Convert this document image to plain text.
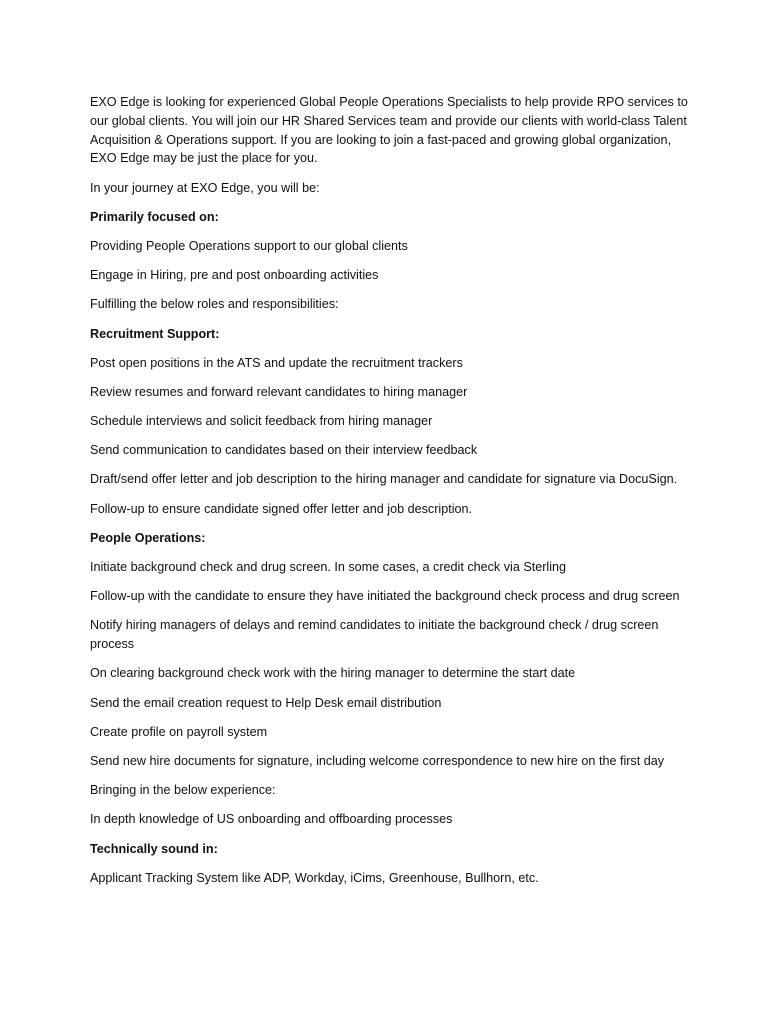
EXO Edge is looking for experienced Global People Operations Specialists to help provide RPO services to our global clients. You will join our HR Shared Services team and provide our clients with world-class Talent Acquisition & Operations support. If you are looking to join a fast-paced and growing global organization, EXO Edge may be just the place for you.

In your journey at EXO Edge, you will be:

Primarily focused on:

Providing People Operations support to our global clients

Engage in Hiring, pre and post onboarding activities

Fulfilling the below roles and responsibilities:

Recruitment Support:

Post open positions in the ATS and update the recruitment trackers

Review resumes and forward relevant candidates to hiring manager

Schedule interviews and solicit feedback from hiring manager

Send communication to candidates based on their interview feedback

Draft/send offer letter and job description to the hiring manager and candidate for signature via DocuSign.

Follow-up to ensure candidate signed offer letter and job description.

People Operations:

Initiate background check and drug screen. In some cases, a credit check via Sterling

Follow-up with the candidate to ensure they have initiated the background check process and drug screen

Notify hiring managers of delays and remind candidates to initiate the background check / drug screen process

On clearing background check work with the hiring manager to determine the start date

Send the email creation request to Help Desk email distribution

Create profile on payroll system

Send new hire documents for signature, including welcome correspondence to new hire on the first day

Bringing in the below experience:

In depth knowledge of US onboarding and offboarding processes

Technically sound in:

Applicant Tracking System like ADP, Workday, iCims, Greenhouse, Bullhorn, etc.
